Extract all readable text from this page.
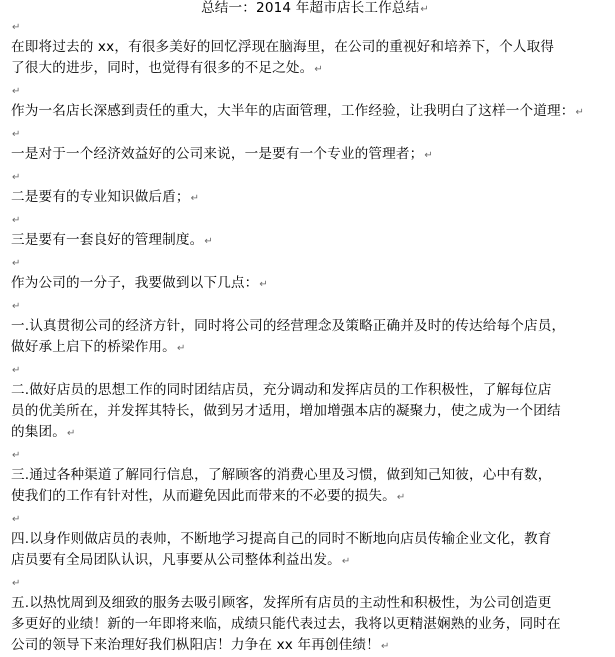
总结一：2014 年超市店长工作总结↵
↵
在即将过去的 xx，有很多美好的回忆浮现在脑海里，在公司的重视好和培养下，个人取得
了很大的进步，同时，也觉得有很多的不足之处。↵
↵
作为一名店长深感到责任的重大，大半年的店面管理，工作经验，让我明白了这样一个道理：↵
↵
一是对于一个经济效益好的公司来说，一是要有一个专业的管理者；↵
↵
二是要有的专业知识做后盾；↵
↵
三是要有一套良好的管理制度。↵
↵
作为公司的一分子，我要做到以下几点：↵
↵
一.认真贯彻公司的经济方针，同时将公司的经营理念及策略正确并及时的传达给每个店员，
做好承上启下的桥梁作用。↵
↵
二.做好店员的思想工作的同时团结店员，充分调动和发挥店员的工作积极性，了解每位店
员的优美所在，并发挥其特长，做到另才适用，增加增强本店的凝聚力，使之成为一个团结
的集团。↵
↵
三.通过各种渠道了解同行信息，了解顾客的消费心里及习惯，做到知己知彼，心中有数，
使我们的工作有针对性，从而避免因此而带来的不必要的损失。↵
↵
四.以身作则做店员的表帅，不断地学习提高自己的同时不断地向店员传输企业文化，教育
店员要有全局团队认识，凡事要从公司整体利益出发。↵
↵
五.以热忱周到及细致的服务去吸引顾客，发挥所有店员的主动性和积极性，为公司创造更
多更好的业绩！新的一年即将来临，成绩只能代表过去，我将以更精湛娴熟的业务，同时在
公司的领导下来治理好我们枞阳店！力争在 xx 年再创佳绩！↵
